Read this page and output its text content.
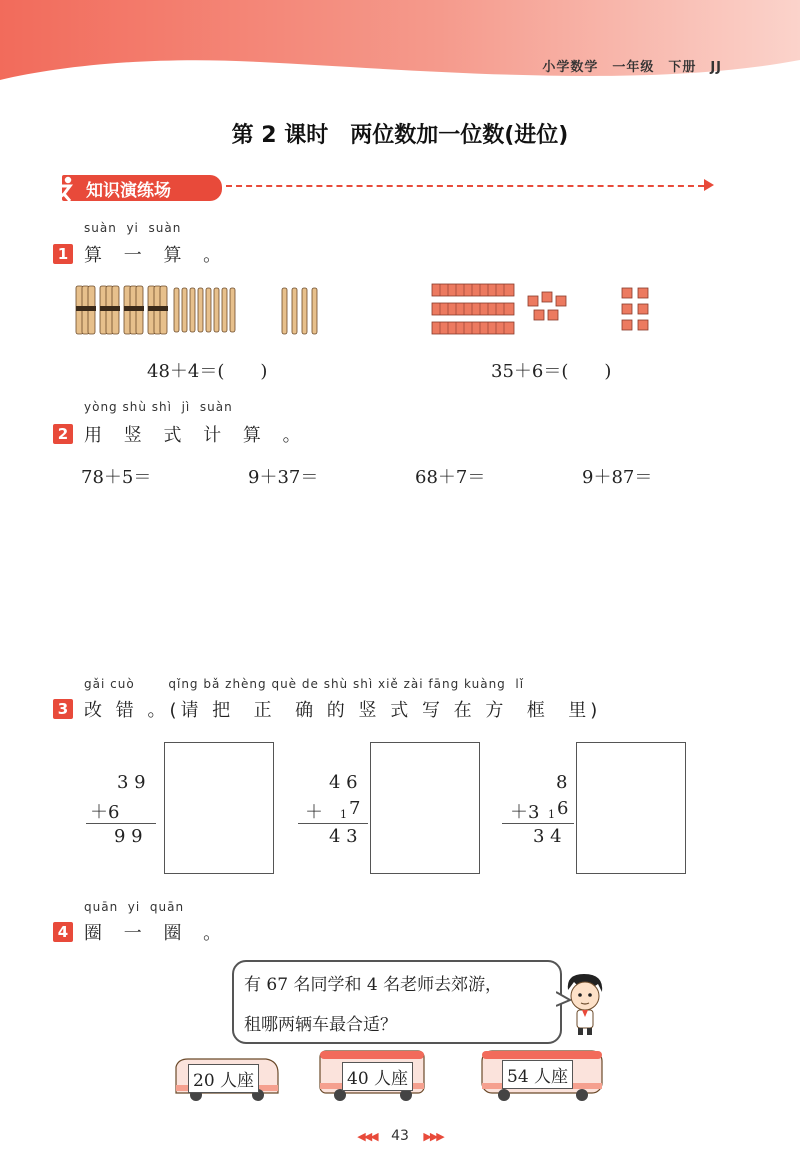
小学数学　一年级　下册　JJ
第 2 课时　两位数加一位数(进位)
知识演练场
suàn  yi  suàn
1 算 一 算 。
48＋4＝(　　)	35＋6＝(　　)
yòng shù shì  jì  suàn
2 用 竖 式 计 算 。
78＋5＝	9＋37＝	68＋7＝	9＋87＝
gǎi cuò       qǐng bǎ zhèng què de shù shì xiě zài fāng kuàng  lǐ
3 改 错 。(请 把  正  确 的 竖 式 写 在 方  框  里)
3 9
＋6
9 9
4 6
＋ 1 7
4 3
8
＋3 1 6
3 4
quān  yi  quān
4 圈 一 圈 。
有 67 名同学和 4 名老师去郊游，
租哪两辆车最合适？
20 人座	40 人座	54 人座
◀◀◀ 43 ▶▶▶
